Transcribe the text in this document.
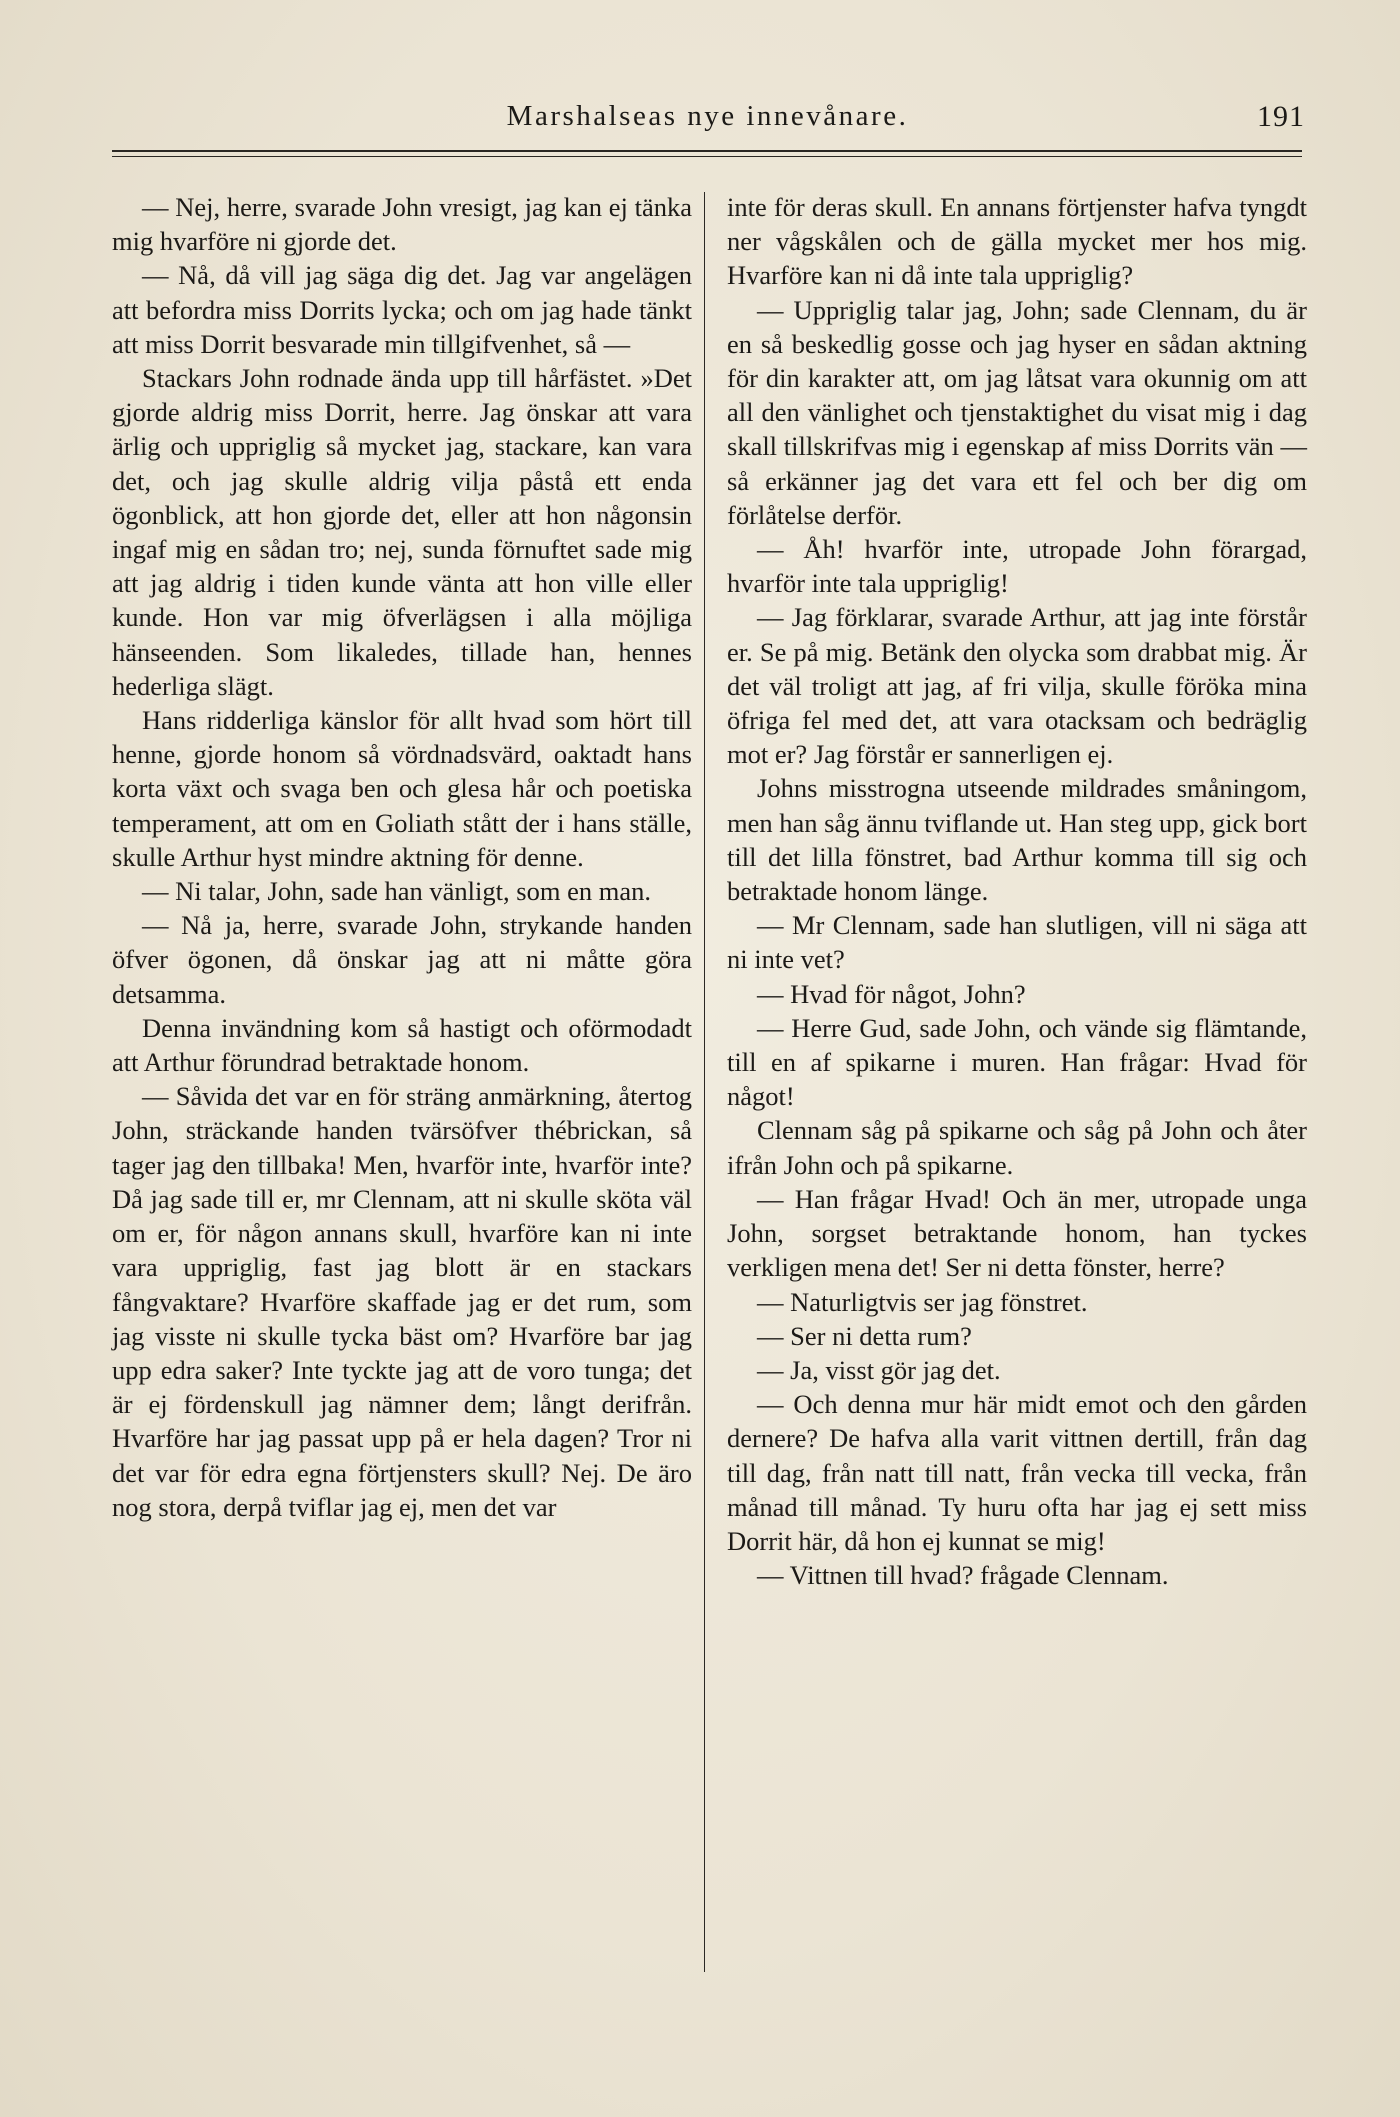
Marshalseas nye innevånare.	191

— Nej, herre, svarade John vresigt, jag kan ej tänka mig hvarföre ni gjorde det.

— Nå, då vill jag säga dig det. Jag var angelägen att befordra miss Dorrits lycka; och om jag hade tänkt att miss Dorrit besvarade min tillgifvenhet, så —

Stackars John rodnade ända upp till hårfästet. »Det gjorde aldrig miss Dorrit, herre. Jag önskar att vara ärlig och uppriglig så mycket jag, stackare, kan vara det, och jag skulle aldrig vilja påstå ett enda ögonblick, att hon gjorde det, eller att hon någonsin ingaf mig en sådan tro; nej, sunda förnuftet sade mig att jag aldrig i tiden kunde vänta att hon ville eller kunde. Hon var mig öfverlägsen i alla möjliga hänseenden. Som likaledes, tillade han, hennes hederliga slägt.

Hans ridderliga känslor för allt hvad som hört till henne, gjorde honom så vördnadsvärd, oaktadt hans korta växt och svaga ben och glesa hår och poetiska temperament, att om en Goliath stått der i hans ställe, skulle Arthur hyst mindre aktning för denne.

— Ni talar, John, sade han vänligt, som en man.

— Nå ja, herre, svarade John, strykande handen öfver ögonen, då önskar jag att ni måtte göra detsamma.

Denna invändning kom så hastigt och oförmodadt att Arthur förundrad betraktade honom.

— Såvida det var en för sträng anmärkning, återtog John, sträckande handen tvärsöfver thébrickan, så tager jag den tillbaka! Men, hvarför inte, hvarför inte? Då jag sade till er, mr Clennam, att ni skulle sköta väl om er, för någon annans skull, hvarföre kan ni inte vara uppriglig, fast jag blott är en stackars fångvaktare? Hvarföre skaffade jag er det rum, som jag visste ni skulle tycka bäst om? Hvarföre bar jag upp edra saker? Inte tyckte jag att de voro tunga; det är ej fördenskull jag nämner dem; långt derifrån. Hvarföre har jag passat upp på er hela dagen? Tror ni det var för edra egna förtjensters skull? Nej. De äro nog stora, derpå tviflar jag ej, men det var

inte för deras skull. En annans förtjenster hafva tyngdt ner vågskålen och de gälla mycket mer hos mig. Hvarföre kan ni då inte tala uppriglig?

— Uppriglig talar jag, John; sade Clennam, du är en så beskedlig gosse och jag hyser en sådan aktning för din karakter att, om jag låtsat vara okunnig om att all den vänlighet och tjenstaktighet du visat mig i dag skall tillskrifvas mig i egenskap af miss Dorrits vän — så erkänner jag det vara ett fel och ber dig om förlåtelse derför.

— Åh! hvarför inte, utropade John förargad, hvarför inte tala uppriglig!

— Jag förklarar, svarade Arthur, att jag inte förstår er. Se på mig. Betänk den olycka som drabbat mig. Är det väl troligt att jag, af fri vilja, skulle föröka mina öfriga fel med det, att vara otacksam och bedräglig mot er? Jag förstår er sannerligen ej.

Johns misstrogna utseende mildrades småningom, men han såg ännu tviflande ut. Han steg upp, gick bort till det lilla fönstret, bad Arthur komma till sig och betraktade honom länge.

— Mr Clennam, sade han slutligen, vill ni säga att ni inte vet?

— Hvad för något, John?

— Herre Gud, sade John, och vände sig flämtande, till en af spikarne i muren. Han frågar: Hvad för något!

Clennam såg på spikarne och såg på John och åter ifrån John och på spikarne.

— Han frågar Hvad! Och än mer, utropade unga John, sorgset betraktande honom, han tyckes verkligen mena det! Ser ni detta fönster, herre?

— Naturligtvis ser jag fönstret.

— Ser ni detta rum?

— Ja, visst gör jag det.

— Och denna mur här midt emot och den gården dernere? De hafva alla varit vittnen dertill, från dag till dag, från natt till natt, från vecka till vecka, från månad till månad. Ty huru ofta har jag ej sett miss Dorrit här, då hon ej kunnat se mig!

— Vittnen till hvad? frågade Clennam.
